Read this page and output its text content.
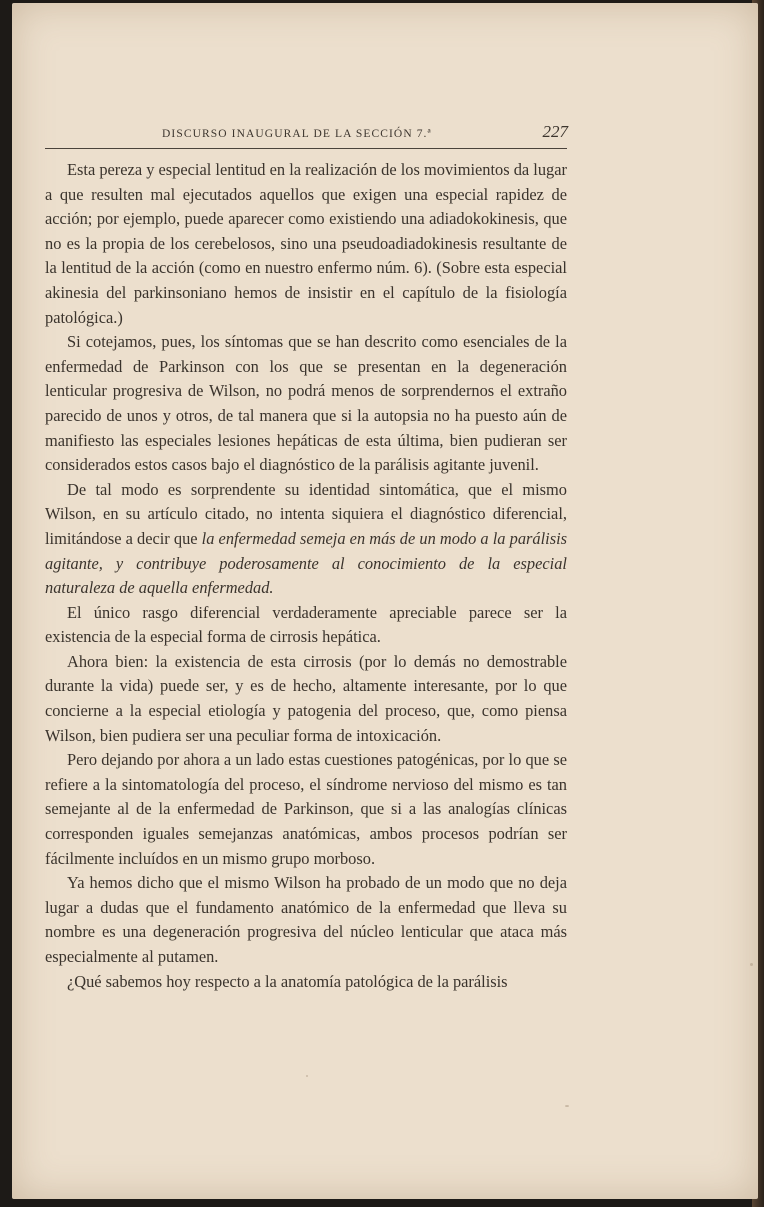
DISCURSO INAUGURAL DE LA SECCIÓN 7.ª	227

Esta pereza y especial lentitud en la realización de los movimientos da lugar a que resulten mal ejecutados aquellos que exigen una especial rapidez de acción; por ejemplo, puede aparecer como existiendo una adiadokokinesis, que no es la propia de los cerebelosos, sino una pseudoadiadokinesis resultante de la lentitud de la acción (como en nuestro enfermo núm. 6). (Sobre esta especial akinesia del parkinsoniano hemos de insistir en el capítulo de la fisiología patológica.)

Si cotejamos, pues, los síntomas que se han descrito como esenciales de la enfermedad de Parkinson con los que se presentan en la degeneración lenticular progresiva de Wilson, no podrá menos de sorprendernos el extraño parecido de unos y otros, de tal manera que si la autopsia no ha puesto aún de manifiesto las especiales lesiones hepáticas de esta última, bien pudieran ser considerados estos casos bajo el diagnóstico de la parálisis agitante juvenil.

De tal modo es sorprendente su identidad sintomática, que el mismo Wilson, en su artículo citado, no intenta siquiera el diagnóstico diferencial, limitándose a decir que la enfermedad semeja en más de un modo a la parálisis agitante, y contribuye poderosamente al conocimiento de la especial naturaleza de aquella enfermedad.

El único rasgo diferencial verdaderamente apreciable parece ser la existencia de la especial forma de cirrosis hepática.

Ahora bien: la existencia de esta cirrosis (por lo demás no demostrable durante la vida) puede ser, y es de hecho, altamente interesante, por lo que concierne a la especial etiología y patogenia del proceso, que, como piensa Wilson, bien pudiera ser una peculiar forma de intoxicación.

Pero dejando por ahora a un lado estas cuestiones patogénicas, por lo que se refiere a la sintomatología del proceso, el síndrome nervioso del mismo es tan semejante al de la enfermedad de Parkinson, que si a las analogías clínicas corresponden iguales semejanzas anatómicas, ambos procesos podrían ser fácilmente incluídos en un mismo grupo morboso.

Ya hemos dicho que el mismo Wilson ha probado de un modo que no deja lugar a dudas que el fundamento anatómico de la enfermedad que lleva su nombre es una degeneración progresiva del núcleo lenticular que ataca más especialmente al putamen.

¿Qué sabemos hoy respecto a la anatomía patológica de la parálisis
